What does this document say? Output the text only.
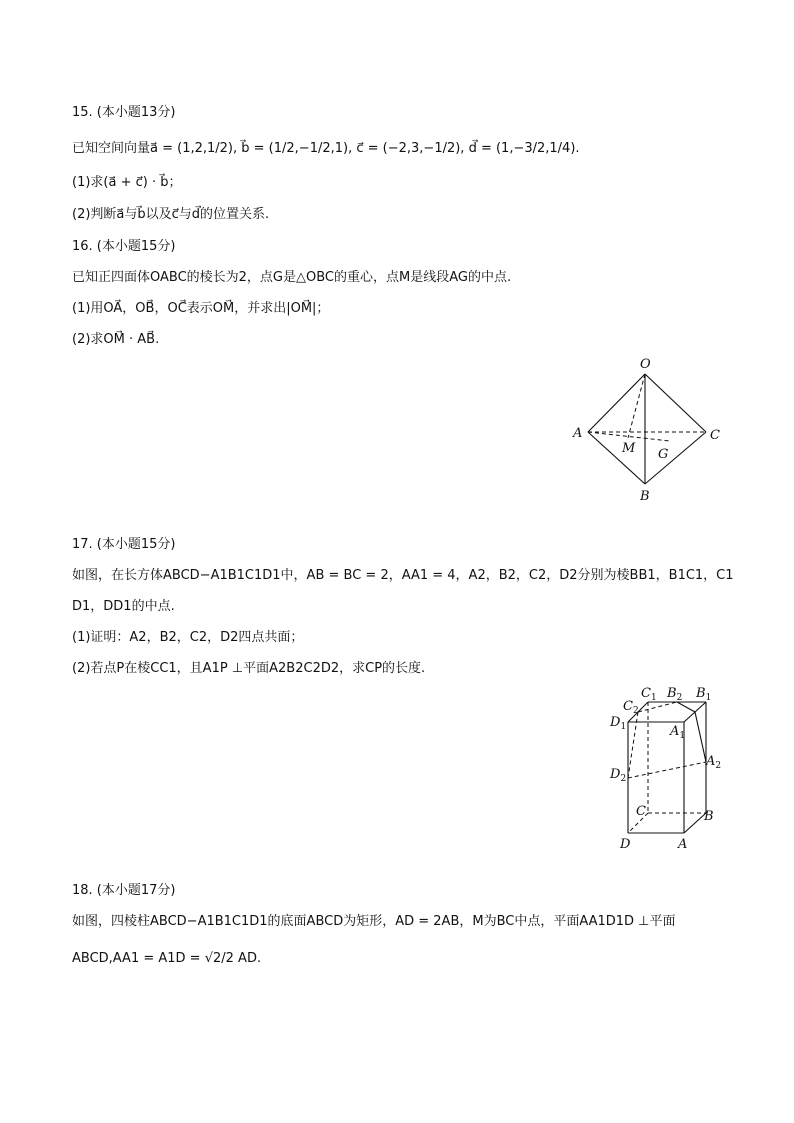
15. (本小题13分)
已知空间向量a⃗ = (1,2,1/2), b⃗ = (1/2,−1/2,1), c⃗ = (−2,3,−1/2), d⃗ = (1,−3/2,1/4).
(1)求(a⃗ + c⃗) · b⃗；
(2)判断a⃗与b⃗以及c⃗与d⃗的位置关系.
16. (本小题15分)
已知正四面体OABC的棱长为2，点G是△OBC的重心，点M是线段AG的中点.
(1)用OA⃗，OB⃗，OC⃗表示OM⃗，并求出|OM⃗|；
(2)求OM⃗ · AB⃗.
O
A	C
M G
B
17. (本小题15分)
如图，在长方体ABCD−A1B1C1D1中，AB = BC = 2，AA1 = 4，A2，B2，C2，D2分别为棱BB1，B1C1，C1
D1，DD1的中点.
(1)证明：A2，B2，C2，D2四点共面；
(2)若点P在棱CC1，且A1P ⊥平面A2B2C2D2，求CP的长度.
$C_1$ $B_2$ $B_1$
$C_2$
$D_1$	$A_1$
$A_2$
$D_2$
C	B
D	A
18. (本小题17分)
如图，四棱柱ABCD−A1B1C1D1的底面ABCD为矩形，AD = 2AB，M为BC中点，平面AA1D1D ⊥平面
ABCD,AA1 = A1D = √2/2 AD.
